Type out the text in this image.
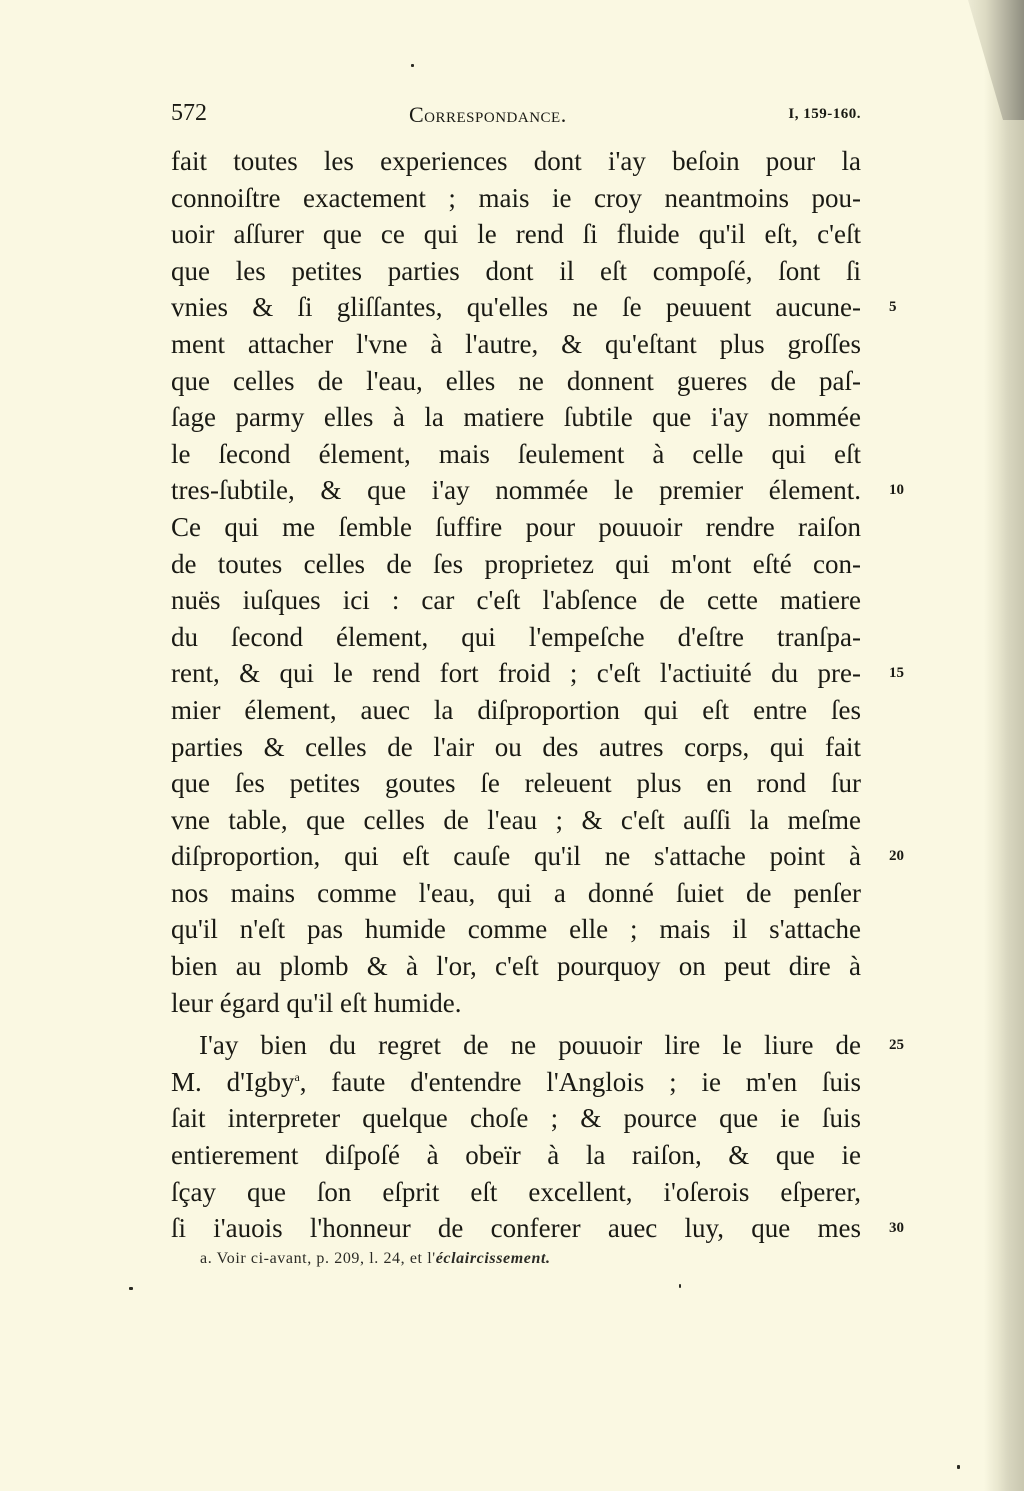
572	Correspondance.	I, 159-160.
fait toutes les experiences dont i'ay beſoin pour la
connoiſtre exactement ; mais ie croy neantmoins pou-
uoir aſſurer que ce qui le rend ſi fluide qu'il eſt, c'eſt
que les petites parties dont il eſt compoſé, ſont ſi
vnies & ſi gliſſantes, qu'elles ne ſe peuuent aucune- 5
ment attacher l'vne à l'autre, & qu'eſtant plus groſſes
que celles de l'eau, elles ne donnent gueres de paſ-
ſage parmy elles à la matiere ſubtile que i'ay nommée
le ſecond élement, mais ſeulement à celle qui eſt
tres-ſubtile, & que i'ay nommée le premier élement. 10
Ce qui me ſemble ſuffire pour pouuoir rendre raiſon
de toutes celles de ſes proprietez qui m'ont eſté con-
nuës iuſques ici : car c'eſt l'abſence de cette matiere
du ſecond élement, qui l'empeſche d'eſtre tranſpa-
rent, & qui le rend fort froid ; c'eſt l'actiuité du pre- 15
mier élement, auec la diſproportion qui eſt entre ſes
parties & celles de l'air ou des autres corps, qui fait
que ſes petites goutes ſe releuent plus en rond ſur
vne table, que celles de l'eau ; & c'eſt auſſi la meſme
diſproportion, qui eſt cauſe qu'il ne s'attache point à 20
nos mains comme l'eau, qui a donné ſuiet de penſer
qu'il n'eſt pas humide comme elle ; mais il s'attache
bien au plomb & à l'or, c'eſt pourquoy on peut dire à
leur égard qu'il eſt humide.
I'ay bien du regret de ne pouuoir lire le liure de 25
M. d'Igby$^a$, faute d'entendre l'Anglois ; ie m'en ſuis
ſait interpreter quelque choſe ; & pource que ie ſuis
entierement diſpoſé à obeïr à la raiſon, & que ie
ſçay que ſon eſprit eſt excellent, i'oſerois eſperer,
ſi i'auois l'honneur de conferer auec luy, que mes 30
a. Voir ci-avant, p. 209, l. 24, et l'éclaircissement.
